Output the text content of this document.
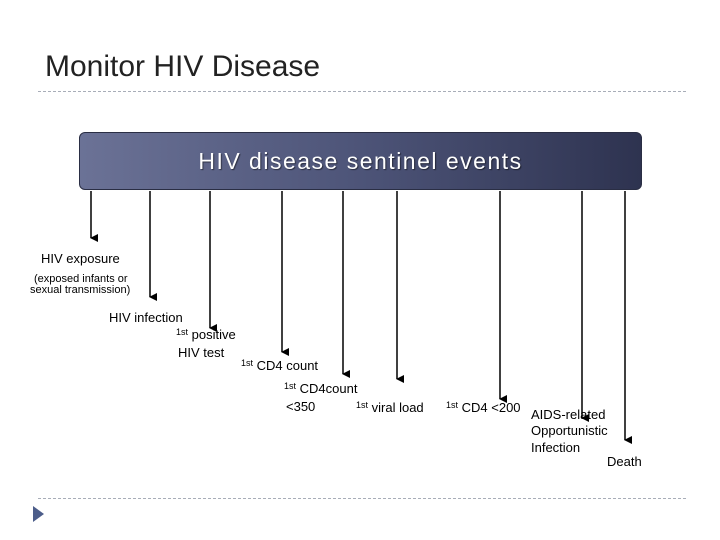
Monitor HIV Disease
HIV disease sentinel events
HIV exposure
(exposed infants or
sexual transmission)
HIV infection
$^{1st}$ positive
HIV test
$^{1st}$ CD4 count
$^{1st}$ CD4count
<350	$^{1st}$ viral load $^{1st}$ CD4 <200 AIDS-related
Opportunistic
Infection
Death
